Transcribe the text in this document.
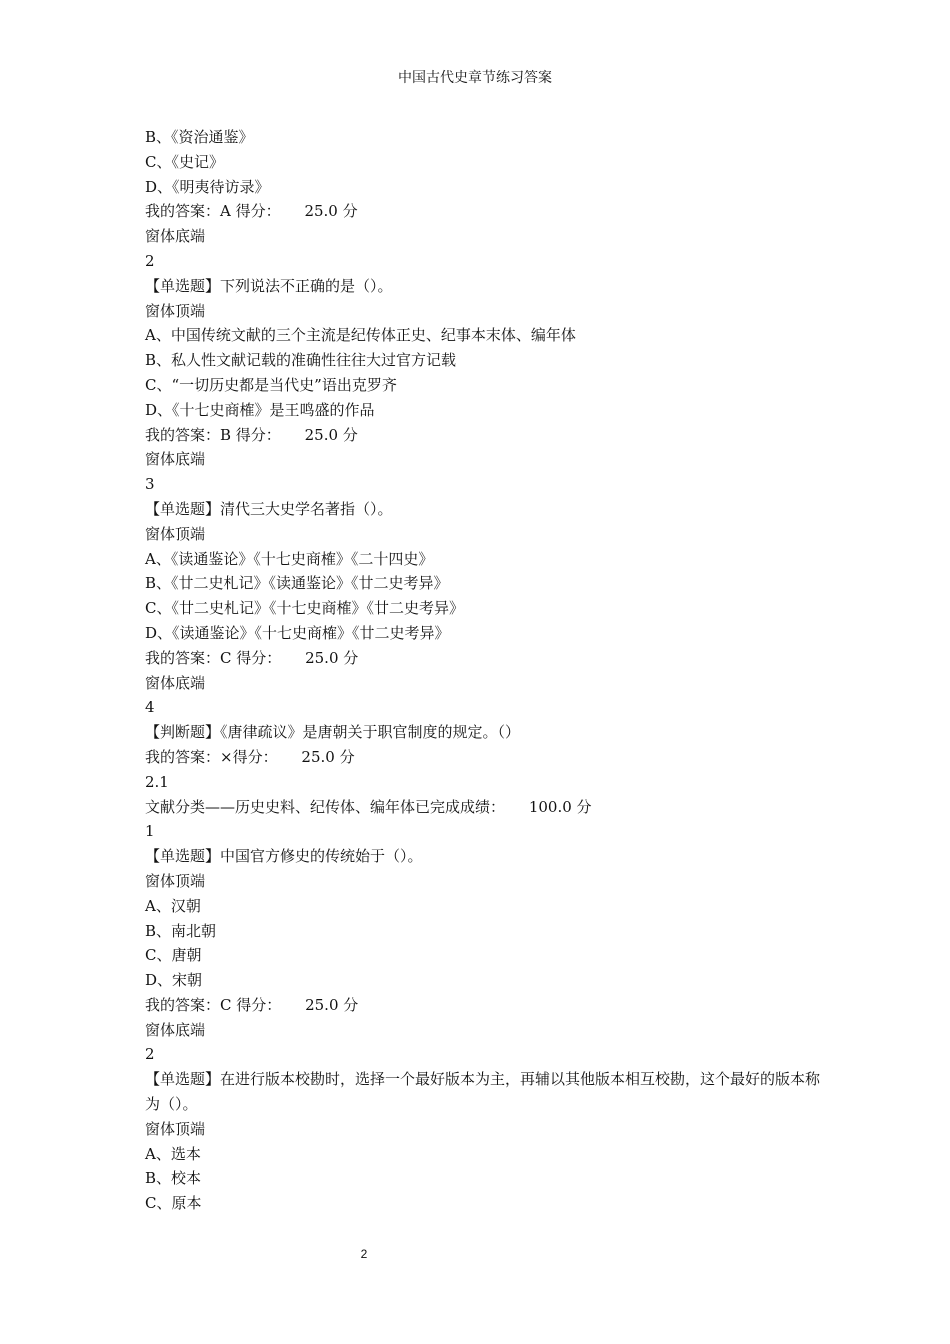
中国古代史章节练习答案
B、《资治通鉴》
C、《史记》
D、《明夷待访录》
我的答案：A 得分：     25.0 分
窗体底端
2
【单选题】下列说法不正确的是（）。
窗体顶端
A、中国传统文献的三个主流是纪传体正史、纪事本末体、编年体
B、私人性文献记载的准确性往往大过官方记载
C、“一切历史都是当代史”语出克罗齐
D、《十七史商榷》是王鸣盛的作品
我的答案：B 得分：     25.0 分
窗体底端
3
【单选题】清代三大史学名著指（）。
窗体顶端
A、《读通鉴论》《十七史商榷》《二十四史》
B、《廿二史札记》《读通鉴论》《廿二史考异》
C、《廿二史札记》《十七史商榷》《廿二史考异》
D、《读通鉴论》《十七史商榷》《廿二史考异》
我的答案：C 得分：     25.0 分
窗体底端
4
【判断题】《唐律疏议》是唐朝关于职官制度的规定。（）
我的答案：×得分：     25.0 分
2.1
文献分类——历史史料、纪传体、编年体已完成成绩：     100.0 分
1
【单选题】中国官方修史的传统始于（）。
窗体顶端
A、汉朝
B、南北朝
C、唐朝
D、宋朝
我的答案：C 得分：     25.0 分
窗体底端
2
【单选题】在进行版本校勘时，选择一个最好版本为主，再辅以其他版本相互校勘，这个最好的版本称为（）。
窗体顶端
A、选本
B、校本
C、原本
2
